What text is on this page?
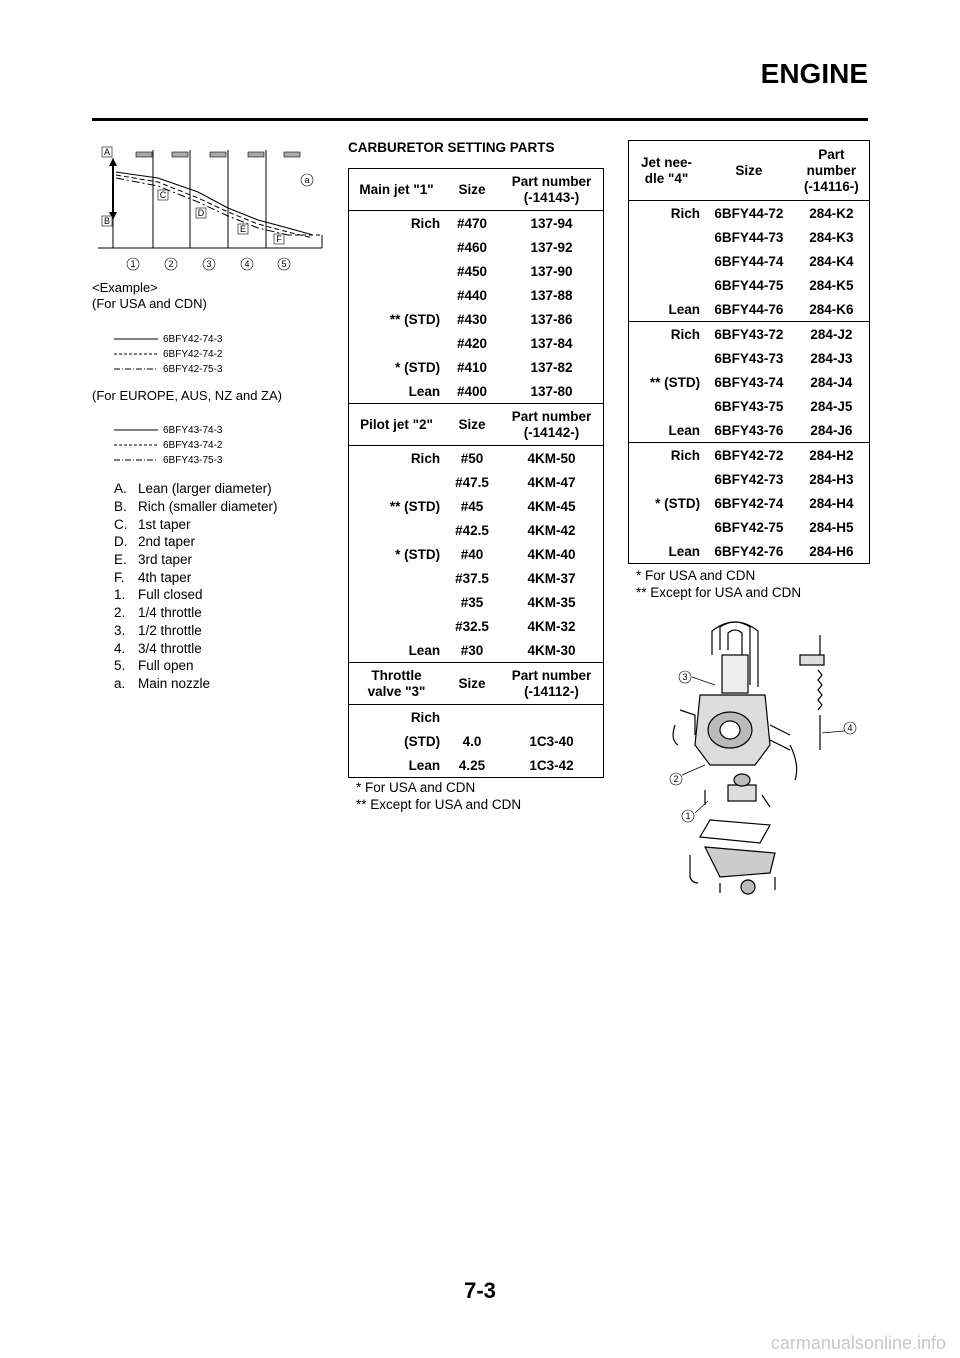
ENGINE
A
B
C
D
E
F
a
1	2	3	4	5
<Example>
(For USA and CDN)
6BFY42-74-3
6BFY42-74-2
6BFY42-75-3
(For EUROPE, AUS, NZ and ZA)
6BFY43-74-3
6BFY43-74-2
6BFY43-75-3
A. Lean (larger diameter)
B. Rich (smaller diameter)
C. 1st taper
D. 2nd taper
E. 3rd taper
F. 4th taper
1. Full closed
2. 1/4 throttle
3. 1/2 throttle
4. 3/4 throttle
5. Full open
a. Main nozzle
CARBURETOR SETTING PARTS
Main jet "1"	Size	Part number (-14143-)
Rich	#470	137-94
	#460	137-92
	#450	137-90
	#440	137-88
** (STD)	#430	137-86
	#420	137-84
* (STD)	#410	137-82
Lean	#400	137-80
Pilot jet "2"	Size	Part number (-14142-)
Rich	#50	4KM-50
	#47.5	4KM-47
** (STD)	#45	4KM-45
	#42.5	4KM-42
* (STD)	#40	4KM-40
	#37.5	4KM-37
	#35	4KM-35
	#32.5	4KM-32
Lean	#30	4KM-30
Throttle valve "3"	Size	Part number (-14112-)
Rich		
(STD)	4.0	1C3-40
Lean	4.25	1C3-42
* For USA and CDN
** Except for USA and CDN
Jet nee- dle "4"	Size	Part number (-14116-)
Rich	6BFY44-72	284-K2
	6BFY44-73	284-K3
	6BFY44-74	284-K4
	6BFY44-75	284-K5
Lean	6BFY44-76	284-K6
Rich	6BFY43-72	284-J2
	6BFY43-73	284-J3
** (STD)	6BFY43-74	284-J4
	6BFY43-75	284-J5
Lean	6BFY43-76	284-J6
Rich	6BFY42-72	284-H2
	6BFY42-73	284-H3
* (STD)	6BFY42-74	284-H4
	6BFY42-75	284-H5
Lean	6BFY42-76	284-H6
* For USA and CDN
** Except for USA and CDN
3
4
2
1
7-3
carmanualsonline.info
